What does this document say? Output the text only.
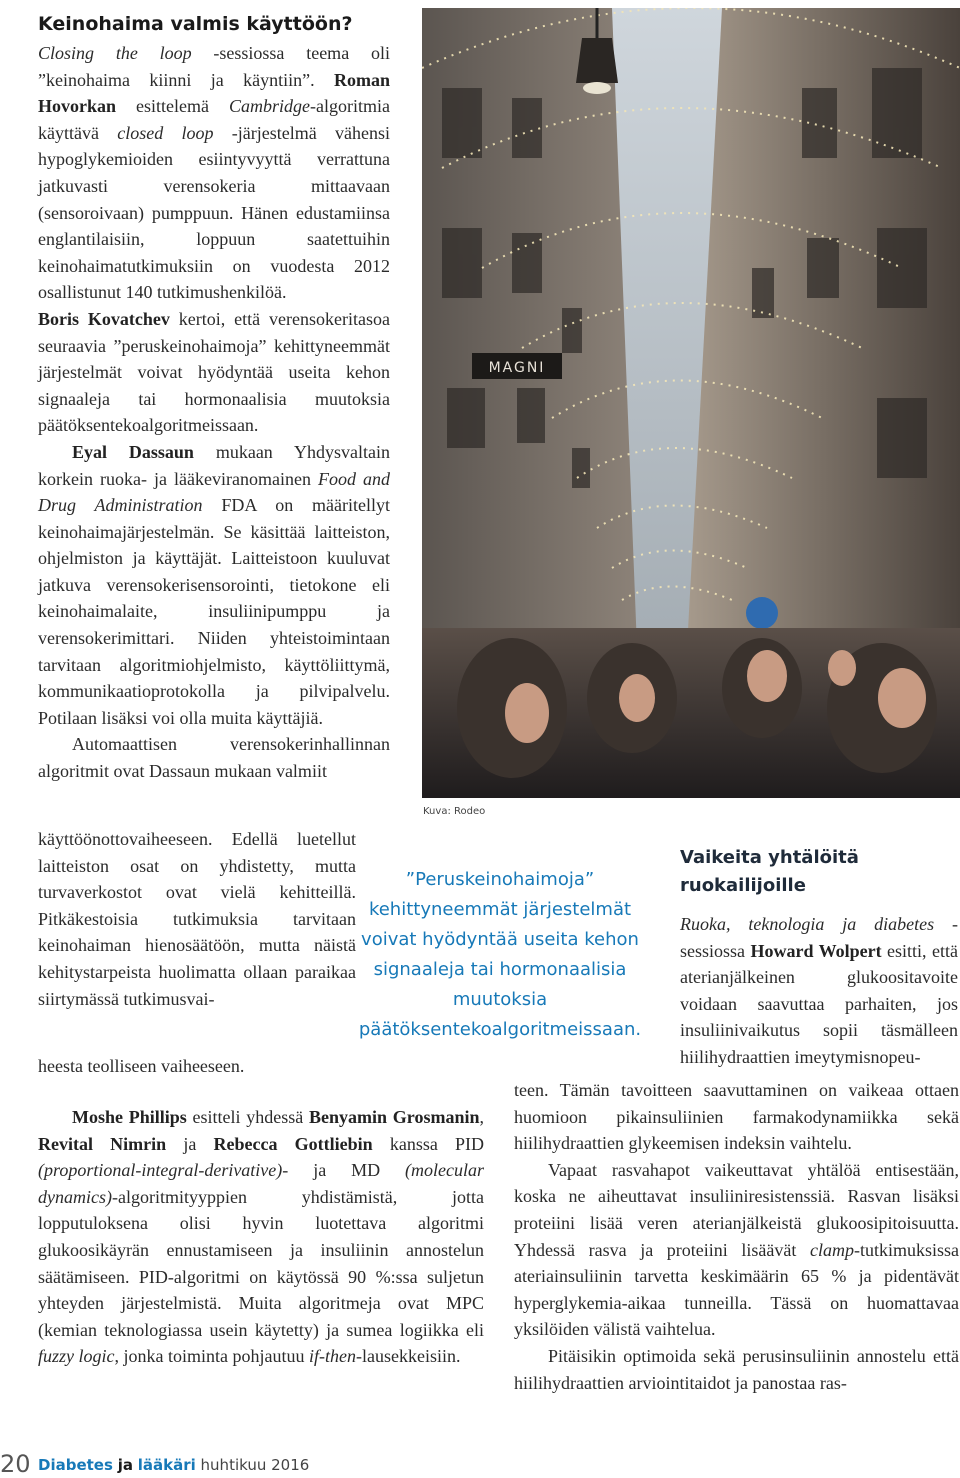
Keinohaima valmis käyttöön?

Closing the loop -sessiossa teema oli ”keinohaima kiinni ja käyntiin”. Roman Hovorkan esittelemä Cambridge-algoritmia käyttävä closed loop -järjestelmä vähensi hypoglykemioiden esiintyvyyttä verrattuna jatkuvasti verensokeria mittaavaan (sensoroivaan) pumppuun. Hänen edustamiinsa englantilaisiin, loppuun saatettuihin keinohaimatutkimuksiin on vuodesta 2012 osallistunut 140 tutkimushenkilöä.

Boris Kovatchev kertoi, että verensokeritasoa seuraavia ”peruskeinohaimoja” kehittyneemmät järjestelmät voivat hyödyntää useita kehon signaaleja tai hormonaalisia muutoksia päätöksentekoalgoritmeissaan.

Eyal Dassaun mukaan Yhdysvaltain korkein ruoka- ja lääkeviranomainen Food and Drug Administration FDA on määritellyt keinohaimajärjestelmän. Se käsittää laitteiston, ohjelmiston ja käyttäjät. Laitteistoon kuuluvat jatkuva verensokerisensorointi, tietokone eli keinohaimalaite, insuliinipumppu ja verensokerimittari. Niiden yhteistoimintaan tarvitaan algoritmiohjelmisto, käyttöliittymä, kommunikaatioprotokolla ja pilvipalvelu. Potilaan lisäksi voi olla muita käyttäjiä.

Automaattisen verensokerinhallinnan algoritmit ovat Dassaun mukaan valmiit

käyttöönottovaiheeseen. Edellä luetellut laitteiston osat on yhdistetty, mutta turvaverkostot ovat vielä kehitteillä. Pitkäkestoisia tutkimuksia tarvitaan keinohaiman hienosäätöön, mutta näistä kehitystarpeista huolimatta ollaan paraikaa siirtymässä tutkimusvai-

heesta teolliseen vaiheeseen.

Moshe Phillips esitteli yhdessä Benyamin Grosmanin, Revital Nimrin ja Rebecca Gottliebin kanssa PID (proportional-integral-derivative)- ja MD (molecular dynamics)-algoritmityyppien yhdistämistä, jotta lopputuloksena olisi hyvin luotettava algoritmi glukoosikäyrän ennustamiseen ja insuliinin annostelun säätämiseen. PID-algoritmi on käytössä 90 %:ssa suljetun yhteyden järjestelmistä. Muita algoritmeja ovat MPC (kemian teknologiassa usein käytetty) ja sumea logiikka eli fuzzy logic, jonka toiminta pohjautuu if-then-lausekkeisiin.

MAGNI
Kuva: Rodeo
”Peruskeinohaimoja” kehittyneemmät järjestelmät voivat hyödyntää useita kehon signaaleja tai hormonaalisia muutoksia päätöksentekoalgoritmeissaan.
Vaikeita yhtälöitä ruokailijoille

Ruoka, teknologia ja diabetes -sessiossa Howard Wolpert esitti, että aterianjälkeinen glukoositavoite voidaan saavuttaa parhaiten, jos insuliinivaikutus sopii täsmälleen hiilihydraattien imeytymisnopeu-

teen. Tämän tavoitteen saavuttaminen on vaikeaa ottaen huomioon pikainsuliinien farmakodynamiikka sekä hiilihydraattien glykeemisen indeksin vaihtelu.

Vapaat rasvahapot vaikeuttavat yhtälöä entisestään, koska ne aiheuttavat insuliiniresistenssiä. Rasvan lisäksi proteiini lisää veren aterianjälkeistä glukoosipitoisuutta. Yhdessä rasva ja proteiini lisäävät clamp-tutkimuksissa ateriainsuliinin tarvetta keskimäärin 65 % ja pidentävät hyperglykemia-aikaa tunneilla. Tässä on huomattavaa yksilöiden välistä vaihtelua.

Pitäisikin optimoida sekä perusinsuliinin annostelu että hiilihydraattien arviointitaidot ja panostaa ras-

20 Diabetes ja lääkäri huhtikuu 2016
